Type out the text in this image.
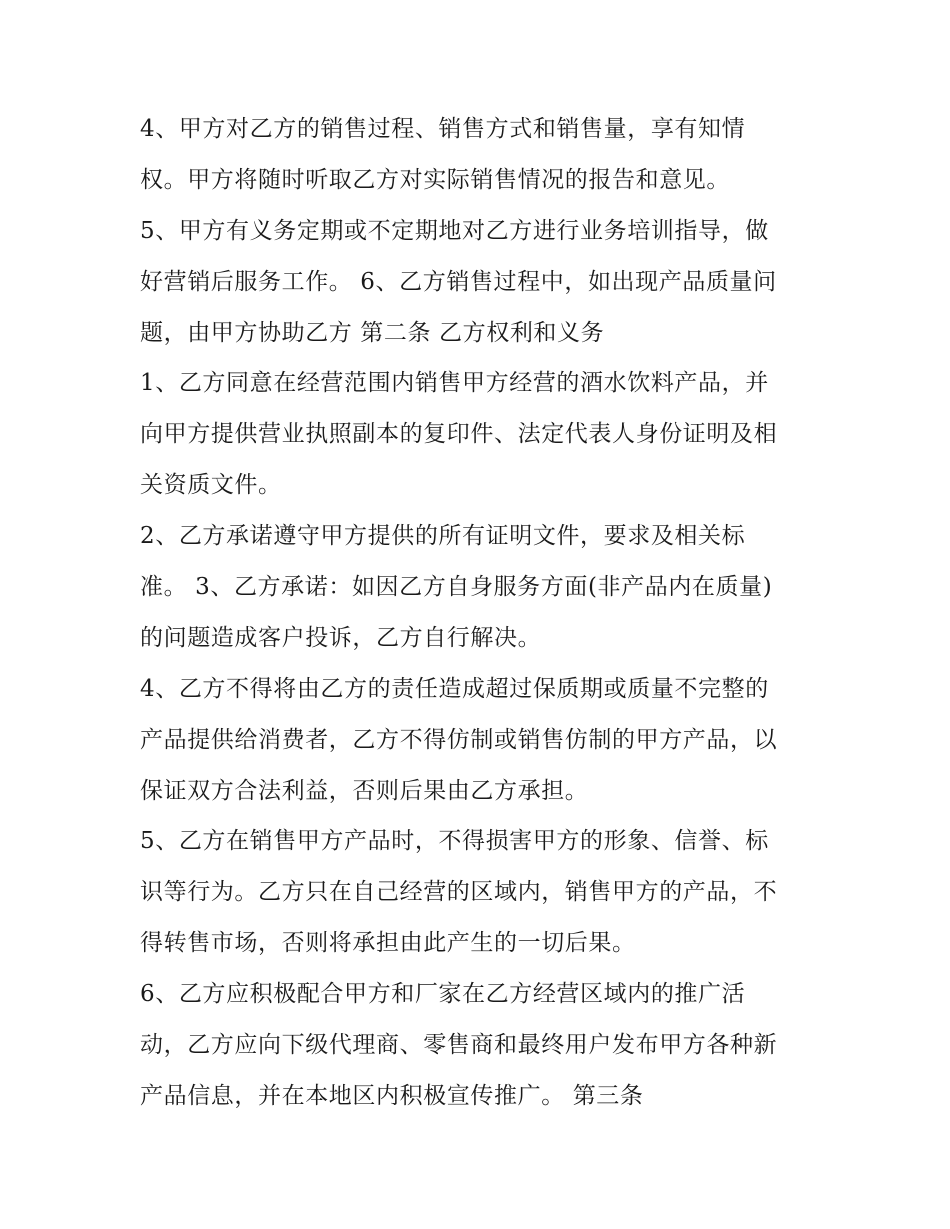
4、甲方对乙方的销售过程、销售方式和销售量，享有知情
权。甲方将随时听取乙方对实际销售情况的报告和意见。
5、甲方有义务定期或不定期地对乙方进行业务培训指导，做
好营销后服务工作。 6、乙方销售过程中，如出现产品质量问
题，由甲方协助乙方 第二条 乙方权利和义务
1、乙方同意在经营范围内销售甲方经营的酒水饮料产品，并
向甲方提供营业执照副本的复印件、法定代表人身份证明及相
关资质文件。
2、乙方承诺遵守甲方提供的所有证明文件，要求及相关标
准。 3、乙方承诺：如因乙方自身服务方面(非产品内在质量)
的问题造成客户投诉，乙方自行解决。
4、乙方不得将由乙方的责任造成超过保质期或质量不完整的
产品提供给消费者，乙方不得仿制或销售仿制的甲方产品，以
保证双方合法利益，否则后果由乙方承担。
5、乙方在销售甲方产品时，不得损害甲方的形象、信誉、标
识等行为。乙方只在自己经营的区域内，销售甲方的产品，不
得转售市场，否则将承担由此产生的一切后果。
6、乙方应积极配合甲方和厂家在乙方经营区域内的推广活
动，乙方应向下级代理商、零售商和最终用户发布甲方各种新
产品信息，并在本地区内积极宣传推广。 第三条
